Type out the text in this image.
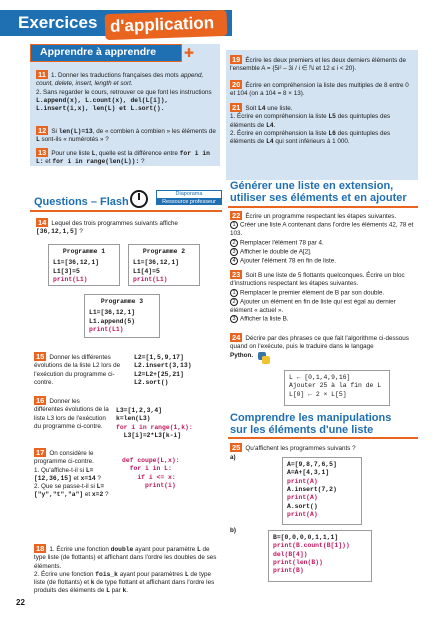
Exercices d'application
Apprendre à apprendre ✚
11 1. Donner les traductions françaises des mots append, count, delete, insert, length et sort.
2. Sans regarder le cours, retrouver ce que font les instructions L.append(x), L.count(x), del(L[i]), L.insert(i,x), len(L) et L.sort().
12 Si len(L)=13, de « combien à combien » les éléments de L sont-ils « numérotés » ?
13 Pour une liste L, quelle est la différence entre for i in L: et for i in range(len(L)): ?
Questions – Flash
Diaporama
Ressource professeur
14 Lequel des trois programmes suivants affiche [36,12,1,5] ?
Programme 1
L1=[36,12,1]
L1[3]=5
print(L1)
Programme 2
L1=[36,12,1]
L1[4]=5
print(L1)
Programme 3
L1=[36,12,1]
L1.append(5)
print(L1)
15 Donner les différentes évolutions de la liste L2 lors de l'exécution du programme ci-contre.
L2=[1,5,9,17]
L2.insert(3,13)
L2=L2+[25,21]
L2.sort()
16 Donner les différentes évolutions de la liste L3 lors de l'exécution du programme ci-contre.
L3=[1,2,3,4]
k=len(L3)
for i in range(1,k):
L3[i]=2*L3[k-i]
17 On considère le programme ci-contre.
1. Qu'affiche-t-il si L=[12,36,15] et x=14 ?
2. Que se passe-t-il si L=["y","t","a"] et x=2 ?
def coupe(L,x):
for i in L:
if i <= x:
print(i)
18 1. Écrire une fonction double ayant pour paramètre L de type liste (de flottants) et affichant dans l'ordre les doubles de ses éléments.
2. Écrire une fonction fois_k ayant pour paramètres L de type liste (de flottants) et k de type flottant et affichant dans l'ordre les produits des éléments de L par k.
22
19 Écrire les deux premiers et les deux derniers éléments de l'ensemble A = {5i² – 3i / i ∈ ℕ et 12 ≤ i < 20}.
20 Écrire en compréhension la liste des multiples de 8 entre 0 et 104 (on a 104 = 8 × 13).
21 Soit L4 une liste.
1. Écrire en compréhension la liste L5 des quintuples des éléments de L4.
2. Écrire en compréhension la liste L6 des quintuples des éléments de L4 qui sont inférieurs à 1 000.
Générer une liste en extension,
utiliser ses éléments et en ajouter
22 Écrire un programme respectant les étapes suivantes.
1 Créer une liste A contenant dans l'ordre les éléments 42, 78 et 103.
2 Remplacer l'élément 78 par 4.
3 Afficher le double de A[2].
4 Ajouter l'élément 78 en fin de liste.
23 Soit B une liste de 5 flottants quelconques. Écrire un bloc d'instructions respectant les étapes suivantes.
1 Remplacer le premier élément de B par son double.
2 Ajouter un élément en fin de liste qui est égal au dernier élément « actuel ».
3 Afficher la liste B.
24 Décrire par des phrases ce que fait l'algorithme ci-dessous quand on l'exécute, puis le traduire dans le langage
Python.
L ← [0,1,4,9,16]
Ajouter 25 à la fin de L
L[0] ← 2 × L[5]
Comprendre les manipulations
sur les éléments d'une liste
25 Qu'affichent les programmes suivants ?
a)
A=[9,8,7,6,5]
A=A+[4,3,1]
print(A)
A.insert(7,2)
print(A)
A.sort()
print(A)
b)
B=[0,0,0,0,1,1,1]
print(B.count(B[1]))
del(B[4])
print(len(B))
print(B)
